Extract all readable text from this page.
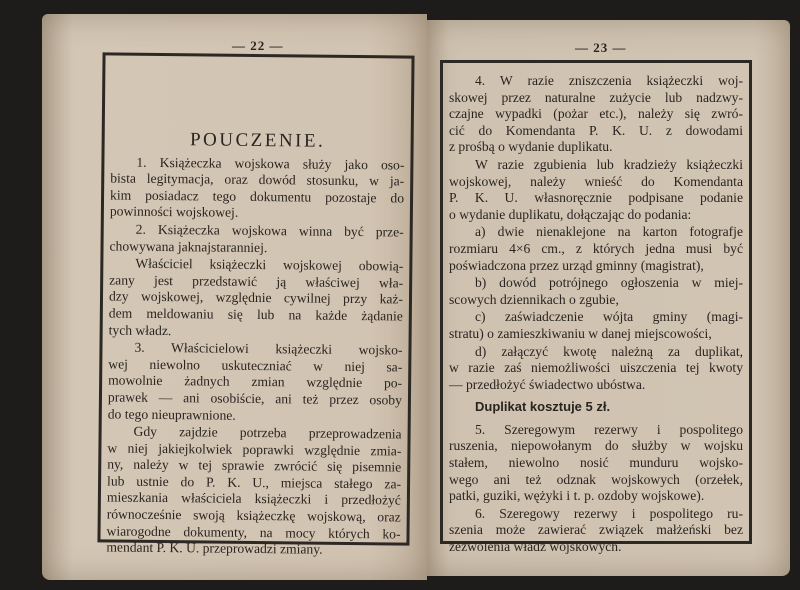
— 22 —
POUCZENIE.
1. Książeczka wojskowa służy jako oso-
bista legitymacja, oraz dowód stosunku, w ja-
kim posiadacz tego dokumentu pozostaje do
powinności wojskowej.
2. Książeczka wojskowa winna być prze-
chowywana jaknajstaranniej.
Właściciel książeczki wojskowej obowią-
zany jest przedstawić ją właściwej wła-
dzy wojskowej, względnie cywilnej przy każ-
dem meldowaniu się lub na każde żądanie
tych władz.
3. Właścicielowi książeczki wojsko-
wej niewolno uskuteczniać w niej sa-
mowolnie żadnych zmian względnie po-
prawek — ani osobiście, ani też przez osoby
do tego nieuprawnione.
Gdy zajdzie potrzeba przeprowadzenia
w niej jakiejkolwiek poprawki względnie zmia-
ny, należy w tej sprawie zwrócić się pisemnie
lub ustnie do P. K. U., miejsca stałego za-
mieszkania właściciela książeczki i przedłożyć
równocześnie swoją książeczkę wojskową, oraz
wiarogodne dokumenty, na mocy których ko-
mendant P. K. U. przeprowadzi zmiany.
— 23 —
4. W razie zniszczenia książeczki woj-
skowej przez naturalne zużycie lub nadzwy-
czajne wypadki (pożar etc.), należy się zwró-
cić do Komendanta P. K. U. z dowodami
z prośbą o wydanie duplikatu.
W razie zgubienia lub kradzieży książeczki
wojskowej, należy wnieść do Komendanta
P. K. U. własnoręcznie podpisane podanie
o wydanie duplikatu, dołączając do podania:
a) dwie nienaklejone na karton fotografje
rozmiaru 4×6 cm., z których jedna musi być
poświadczona przez urząd gminny (magistrat),
b) dowód potrójnego ogłoszenia w miej-
scowych dziennikach o zgubie,
c) zaświadczenie wójta gminy (magi-
stratu) o zamieszkiwaniu w danej miejscowości,
d) załączyć kwotę należną za duplikat,
w razie zaś niemożliwości uiszczenia tej kwoty
— przedłożyć świadectwo ubóstwa.
Duplikat kosztuje 5 zł.
5. Szeregowym rezerwy i pospolitego
ruszenia, niepowołanym do służby w wojsku
stałem, niewolno nosić munduru wojsko-
wego ani też odznak wojskowych (orzełek,
patki, guziki, wężyki i t. p. ozdoby wojskowe).
6. Szeregowy rezerwy i pospolitego ru-
szenia może zawierać związek małżeński bez
zezwolenia władz wojskowych.
